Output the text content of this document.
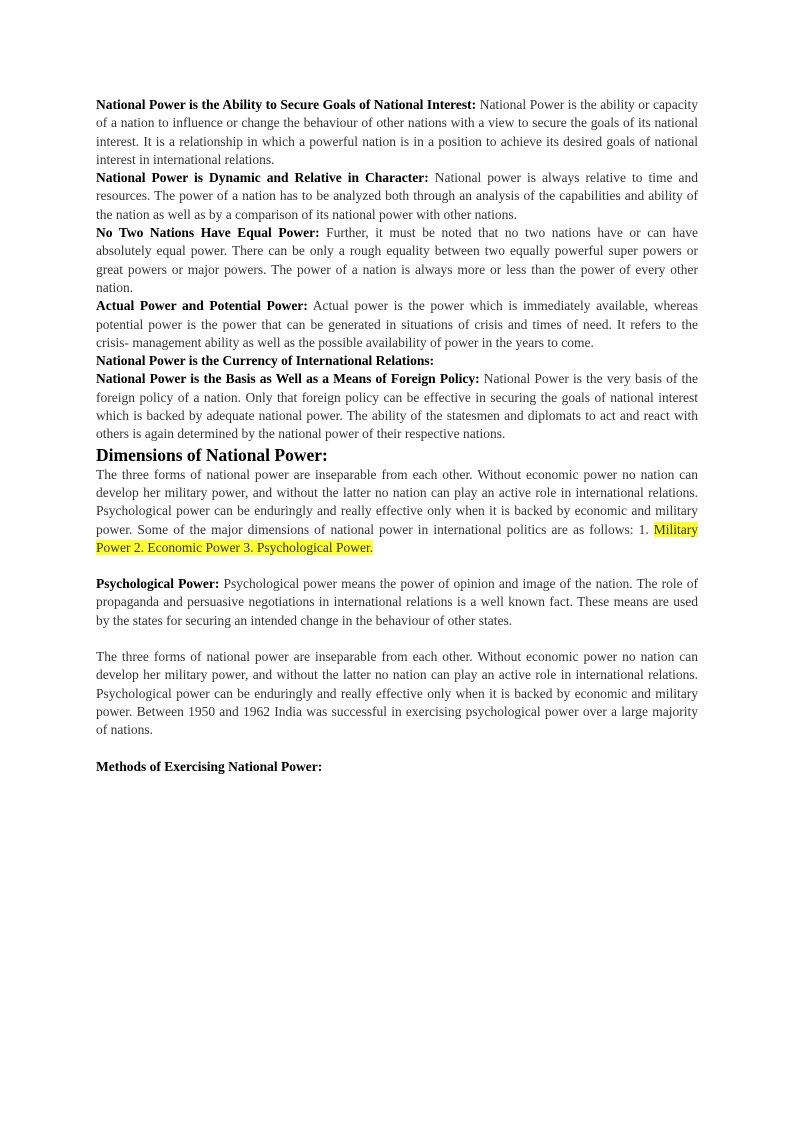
National Power is the Ability to Secure Goals of National Interest: National Power is the ability or capacity of a nation to influence or change the behaviour of other nations with a view to secure the goals of its national interest. It is a relationship in which a powerful nation is in a position to achieve its desired goals of national interest in international relations.

National Power is Dynamic and Relative in Character: National power is always relative to time and resources. The power of a nation has to be analyzed both through an analysis of the capabilities and ability of the nation as well as by a comparison of its national power with other nations.

No Two Nations Have Equal Power: Further, it must be noted that no two nations have or can have absolutely equal power. There can be only a rough equality between two equally powerful super powers or great powers or major powers. The power of a nation is always more or less than the power of every other nation.

Actual Power and Potential Power: Actual power is the power which is immediately available, whereas potential power is the power that can be generated in situations of crisis and times of need. It refers to the crisis- management ability as well as the possible availability of power in the years to come.

National Power is the Currency of International Relations:

National Power is the Basis as Well as a Means of Foreign Policy: National Power is the very basis of the foreign policy of a nation. Only that foreign policy can be effective in securing the goals of national interest which is backed by adequate national power. The ability of the statesmen and diplomats to act and react with others is again determined by the national power of their respective nations.

Dimensions of National Power:

The three forms of national power are inseparable from each other. Without economic power no nation can develop her military power, and without the latter no nation can play an active role in international relations. Psychological power can be enduringly and really effective only when it is backed by economic and military power. Some of the major dimensions of national power in international politics are as follows: 1. Military Power 2. Economic Power 3. Psychological Power.

Psychological Power: Psychological power means the power of opinion and image of the nation. The role of propaganda and persuasive negotiations in international relations is a well known fact. These means are used by the states for securing an intended change in the behaviour of other states.

The three forms of national power are inseparable from each other. Without economic power no nation can develop her military power, and without the latter no nation can play an active role in international relations. Psychological power can be enduringly and really effective only when it is backed by economic and military power. Between 1950 and 1962 India was successful in exercising psychological power over a large majority of nations.

Methods of Exercising National Power:
